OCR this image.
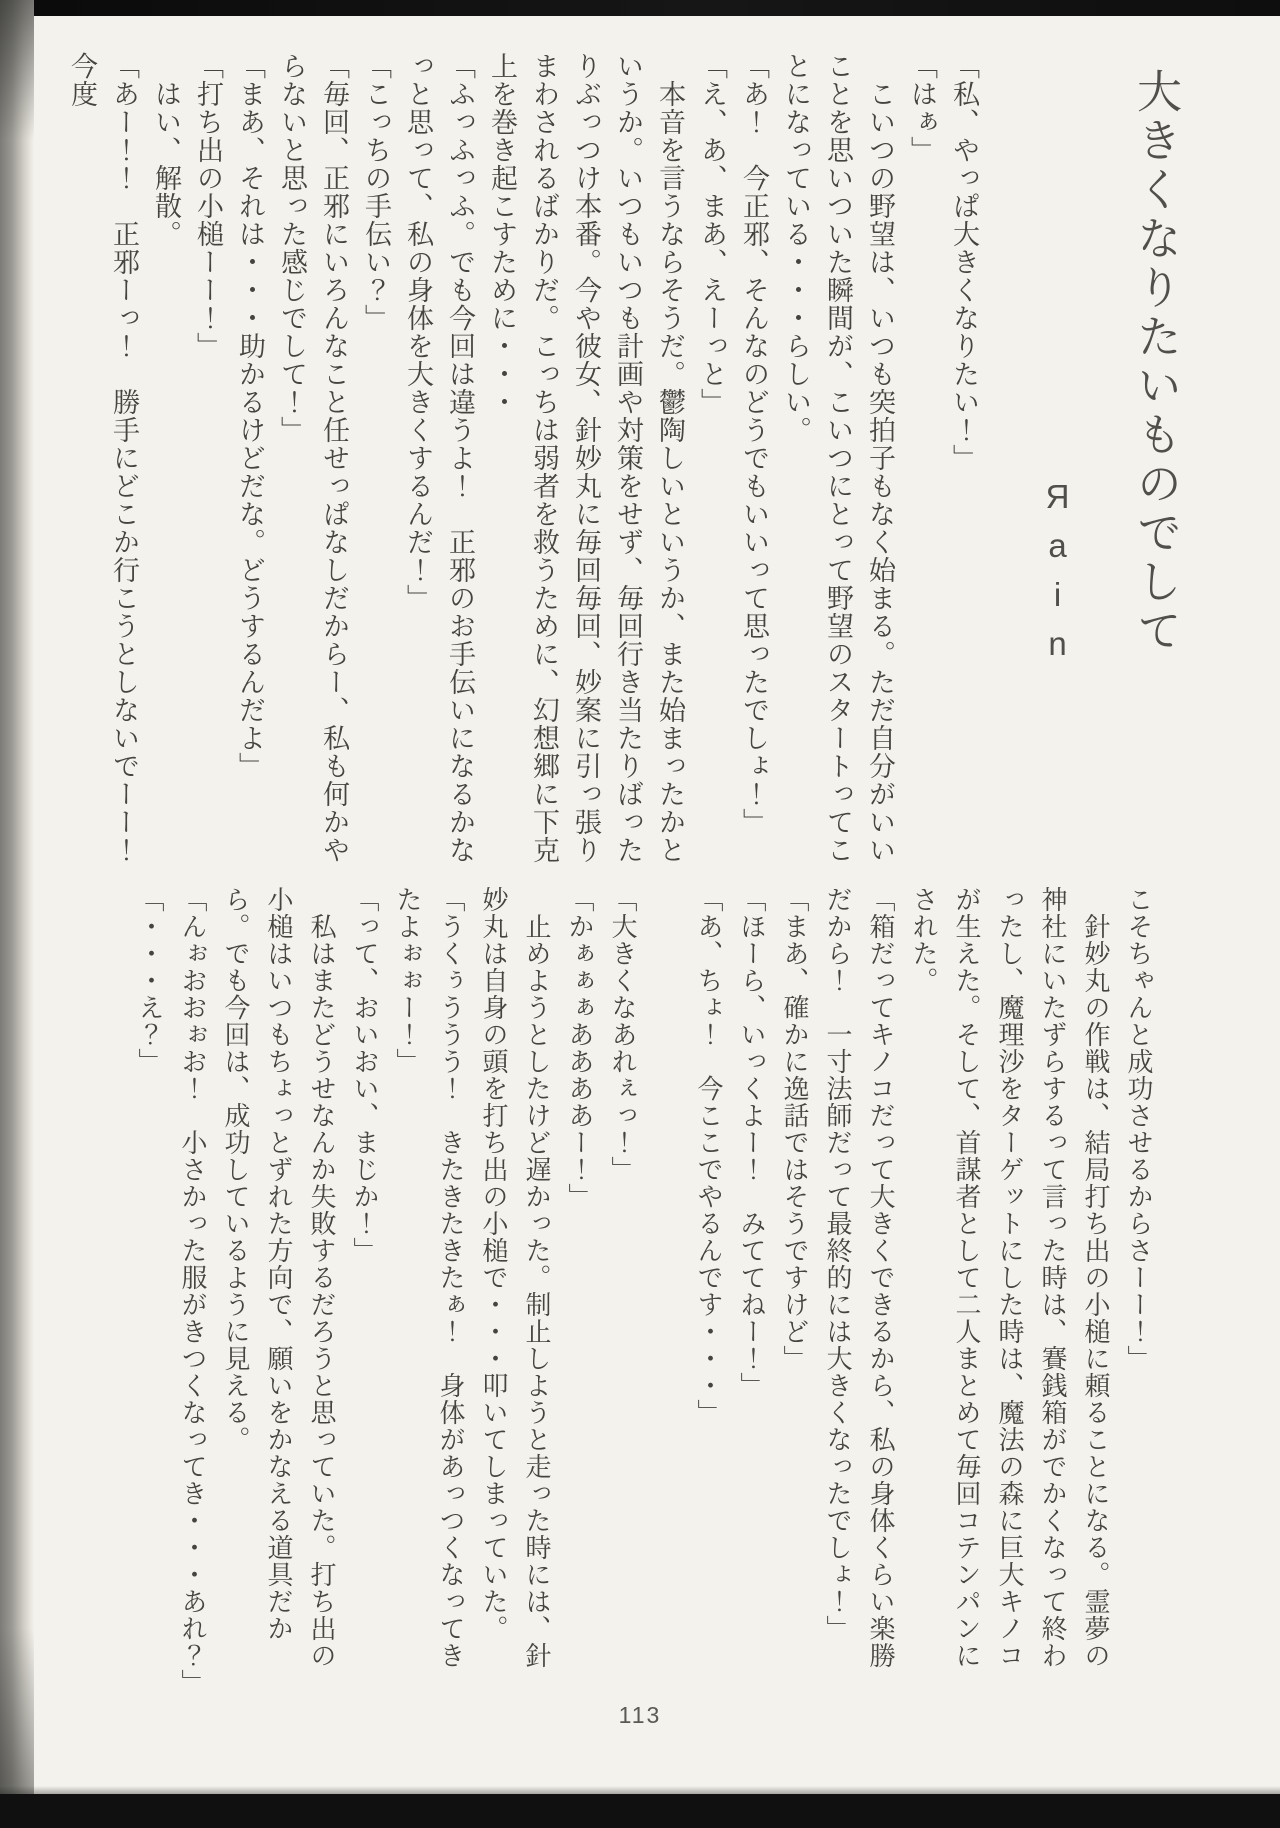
大きくなりたいものでして
Яain

「私、やっぱ大きくなりたい！」

「はぁ」

　こいつの野望は、いつも突拍子もなく始まる。ただ自分がいいことを思いついた瞬間が、こいつにとって野望のスタートってことになっている・・・らしい。

「あ！　今正邪、そんなのどうでもいいって思ったでしょ！」

「え、あ、まあ、えーっと」

　本音を言うならそうだ。鬱陶しいというか、また始まったかというか。いつもいつも計画や対策をせず、毎回行き当たりばったりぶっつけ本番。今や彼女、針妙丸に毎回毎回、妙案に引っ張りまわされるばかりだ。こっちは弱者を救うために、幻想郷に下克上を巻き起こすために・・・

「ふっふっふ。でも今回は違うよ！　正邪のお手伝いになるかなっと思って、私の身体を大きくするんだ！」

「こっちの手伝い？」

「毎回、正邪にいろんなこと任せっぱなしだからー、私も何かやらないと思った感じでして！」

「まあ、それは・・・助かるけどだな。どうするんだよ」

「打ち出の小槌ーー！」

　はい、解散。

「あー！！　正邪ーっ！　勝手にどこか行こうとしないでーー！　今度

こそちゃんと成功させるからさーー！」

　針妙丸の作戦は、結局打ち出の小槌に頼ることになる。霊夢の神社にいたずらするって言った時は、賽銭箱がでかくなって終わったし、魔理沙をターゲットにした時は、魔法の森に巨大キノコが生えた。そして、首謀者として二人まとめて毎回コテンパンにされた。

「箱だってキノコだって大きくできるから、私の身体くらい楽勝だから！　一寸法師だって最終的には大きくなったでしょ！」

「まあ、確かに逸話ではそうですけど」

「ほーら、いっくよー！　みててねー！」

「あ、ちょ！　今ここでやるんです・・・」

「大きくなあれぇっ！」

「かぁぁぁああああー！」

　止めようとしたけど遅かった。制止しようと走った時には、針妙丸は自身の頭を打ち出の小槌で・・・叩いてしまっていた。

「うくぅううう！　きたきたきたぁ！　身体があっつくなってきたよぉぉー！」

「って、おいおい、まじか！」

　私はまたどうせなんか失敗するだろうと思っていた。打ち出の小槌はいつもちょっとずれた方向で、願いをかなえる道具だから。でも今回は、成功しているように見える。

「んぉおおぉお！　小さかった服がきつくなってき・・・あれ？」

「・・・え？」

113
